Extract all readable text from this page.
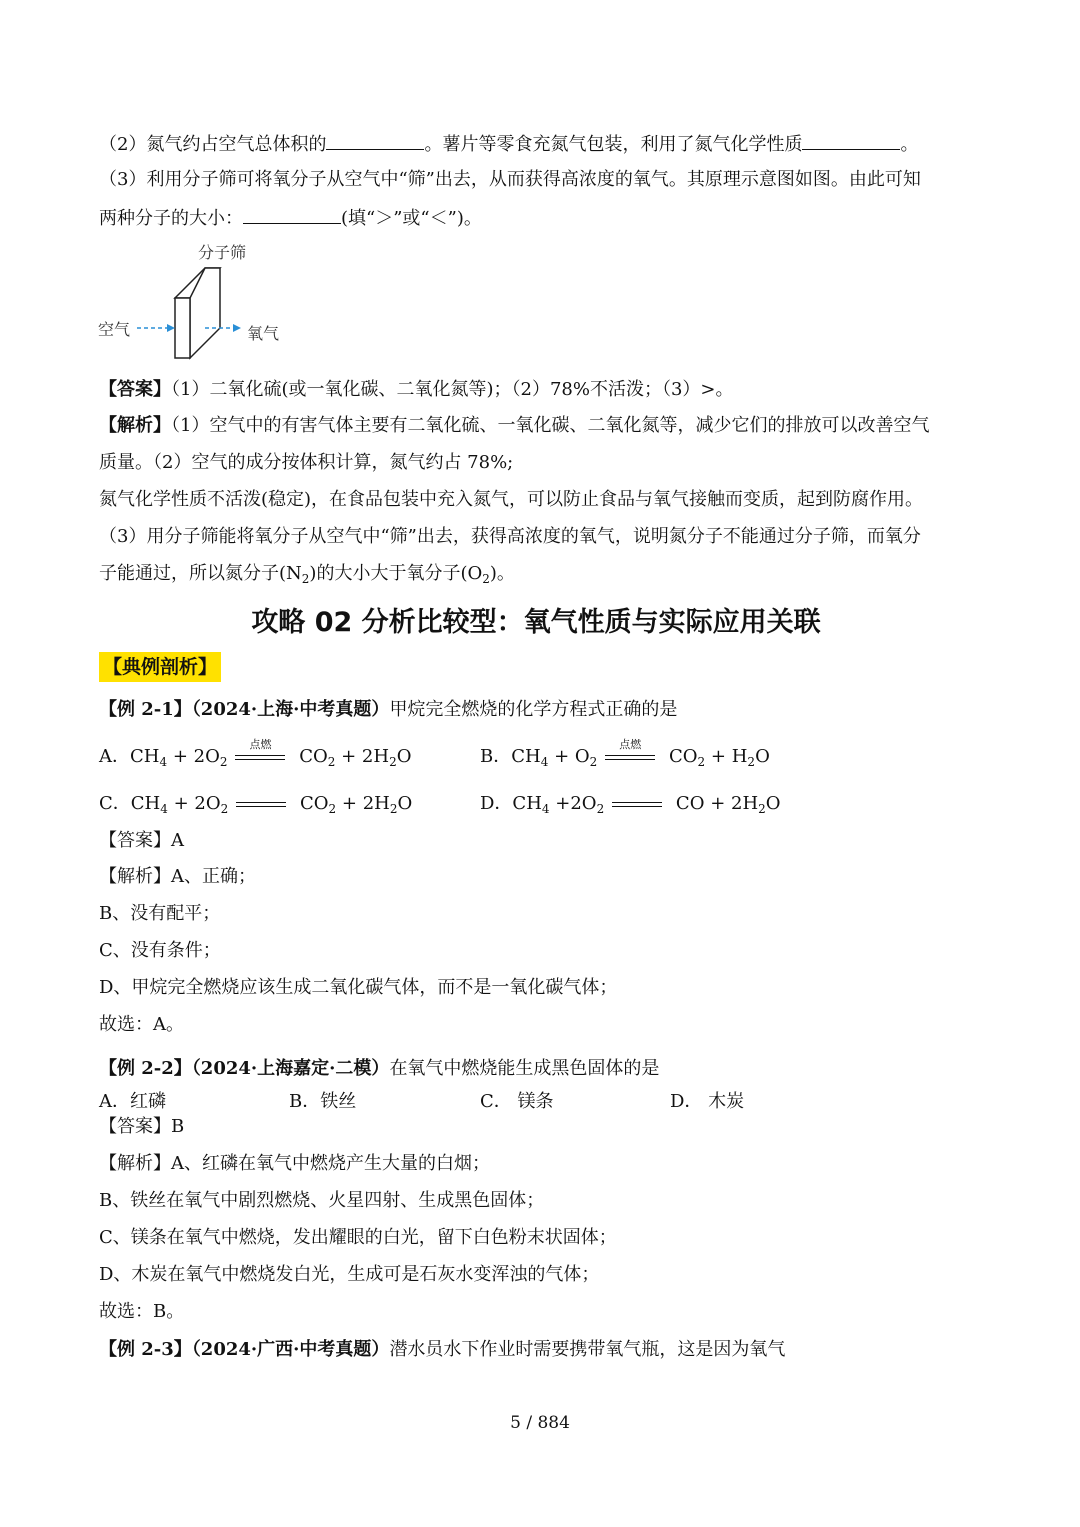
（2）氮气约占空气总体积的	。薯片等零食充氮气包装，利用了氮气化学性质	。
（3）利用分子筛可将氧分子从空气中“筛”出去，从而获得高浓度的氧气。其原理示意图如图。由此可知
两种分子的大小：	(填“＞”或“＜”)。
分子筛
空气	氧气
【答案】（1）二氧化硫(或一氧化碳、二氧化氮等)；（2）78%不活泼；（3）>。
【解析】（1）空气中的有害气体主要有二氧化硫、一氧化碳、二氧化氮等，减少它们的排放可以改善空气
质量。（2）空气的成分按体积计算，氮气约占 78%;
氮气化学性质不活泼(稳定)，在食品包装中充入氮气，可以防止食品与氧气接触而变质，起到防腐作用。
（3）用分子筛能将氧分子从空气中“筛”出去，获得高浓度的氧气，说明氮分子不能通过分子筛，而氧分
子能通过，所以氮分子$(N_2)$的大小大于氧分子$(O_2)$。
攻略 02 分析比较型：氧气性质与实际应用关联
【典例剖析】
【例 2-1】（2024·上海·中考真题）甲烷完全燃烧的化学方程式正确的是
A．$CH_4 + 2O_2$
点燃
$CO_2 + 2H_2O$	B．$CH_4 + O_2$
点燃
$CO_2 + H_2O$
C．$CH_4 + 2O_2$	$CO_2 + 2H_2O$	D．$CH_4 +2O_2$	CO + $2H_2O$
【答案】A
【解析】A、正确；
B、没有配平；
C、没有条件；
D、甲烷完全燃烧应该生成二氧化碳气体，而不是一氧化碳气体；
故选：A。
【例 2-2】（2024·上海嘉定·二模）在氧气中燃烧能生成黑色固体的是
A．红磷	B．铁丝	C． 镁条	D． 木炭
【答案】B
【解析】A、红磷在氧气中燃烧产生大量的白烟；
B、铁丝在氧气中剧烈燃烧、火星四射、生成黑色固体；
C、镁条在氧气中燃烧，发出耀眼的白光，留下白色粉末状固体；
D、木炭在氧气中燃烧发白光，生成可是石灰水变浑浊的气体；
故选：B。
【例 2-3】（2024·广西·中考真题）潜水员水下作业时需要携带氧气瓶，这是因为氧气
5 / 884
